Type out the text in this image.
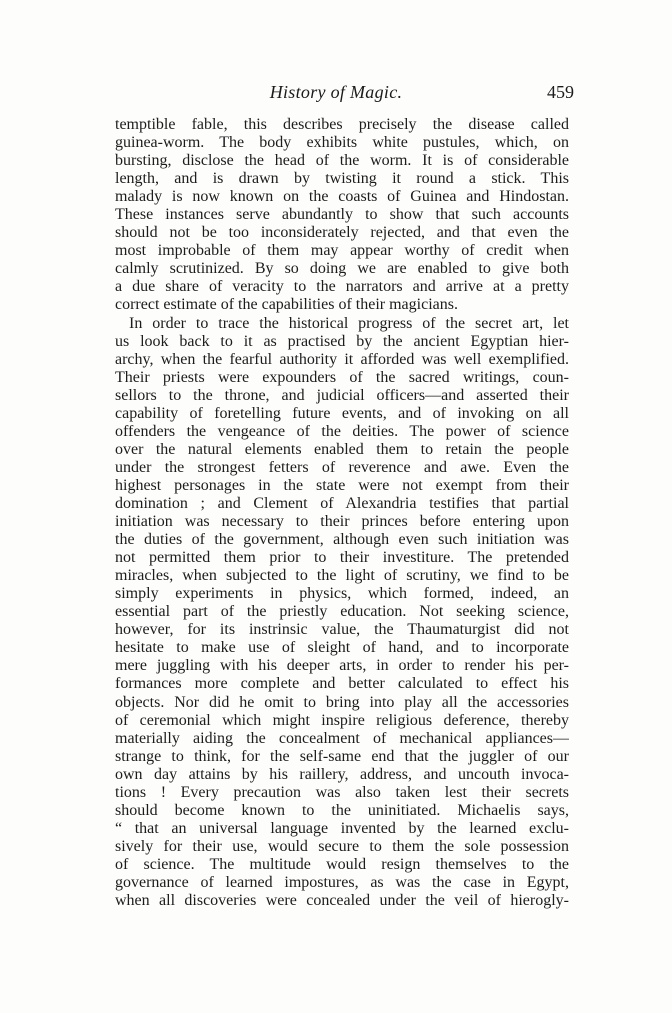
History of Magic.	459
temptible fable, this describes precisely the disease called
guinea-worm. The body exhibits white pustules, which, on
bursting, disclose the head of the worm. It is of considerable
length, and is drawn by twisting it round a stick. This
malady is now known on the coasts of Guinea and Hindostan.
These instances serve abundantly to show that such accounts
should not be too inconsiderately rejected, and that even the
most improbable of them may appear worthy of credit when
calmly scrutinized. By so doing we are enabled to give both
a due share of veracity to the narrators and arrive at a pretty
correct estimate of the capabilities of their magicians.
In order to trace the historical progress of the secret art, let
us look back to it as practised by the ancient Egyptian hier-
archy, when the fearful authority it afforded was well exemplified.
Their priests were expounders of the sacred writings, coun-
sellors to the throne, and judicial officers—and asserted their
capability of foretelling future events, and of invoking on all
offenders the vengeance of the deities. The power of science
over the natural elements enabled them to retain the people
under the strongest fetters of reverence and awe. Even the
highest personages in the state were not exempt from their
domination ; and Clement of Alexandria testifies that partial
initiation was necessary to their princes before entering upon
the duties of the government, although even such initiation was
not permitted them prior to their investiture. The pretended
miracles, when subjected to the light of scrutiny, we find to be
simply experiments in physics, which formed, indeed, an
essential part of the priestly education. Not seeking science,
however, for its instrinsic value, the Thaumaturgist did not
hesitate to make use of sleight of hand, and to incorporate
mere juggling with his deeper arts, in order to render his per-
formances more complete and better calculated to effect his
objects. Nor did he omit to bring into play all the accessories
of ceremonial which might inspire religious deference, thereby
materially aiding the concealment of mechanical appliances—
strange to think, for the self-same end that the juggler of our
own day attains by his raillery, address, and uncouth invoca-
tions ! Every precaution was also taken lest their secrets
should become known to the uninitiated. Michaelis says,
“ that an universal language invented by the learned exclu-
sively for their use, would secure to them the sole possession
of science. The multitude would resign themselves to the
governance of learned impostures, as was the case in Egypt,
when all discoveries were concealed under the veil of hierogly-
